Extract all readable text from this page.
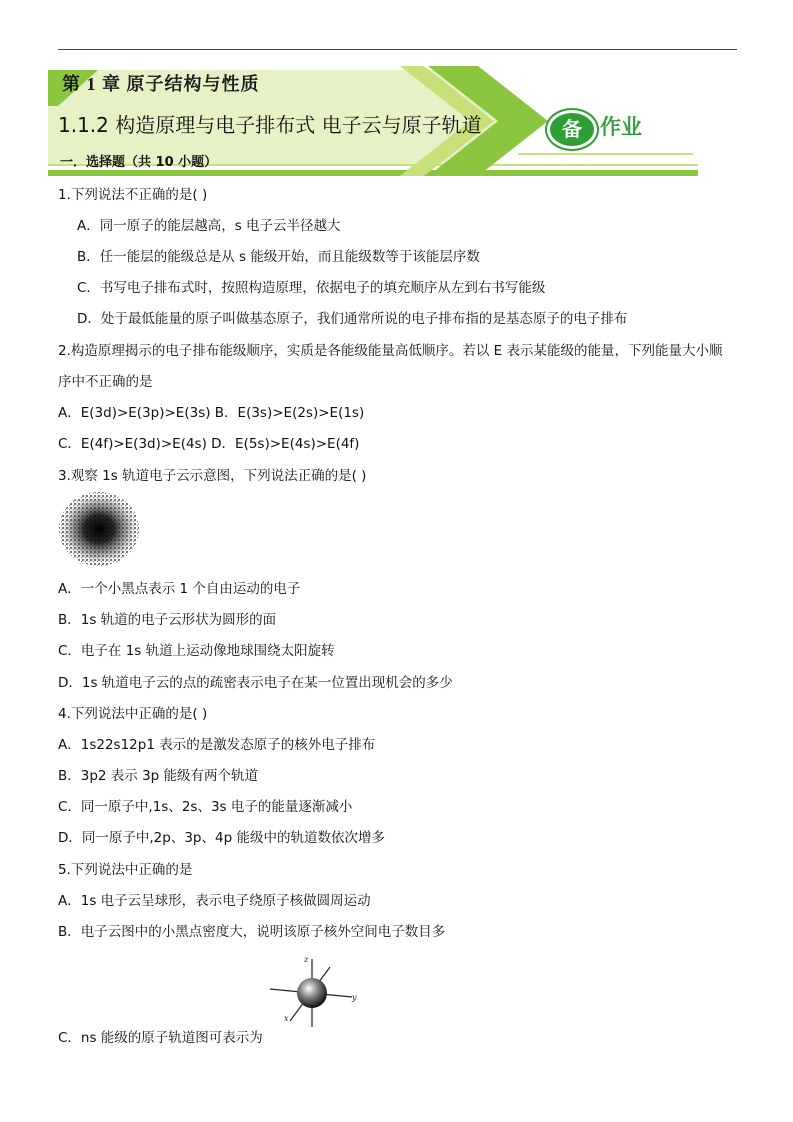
第 1 章 原子结构与性质
1.1.2 构造原理与电子排布式 电子云与原子轨道	备 作业
一．选择题（共 10 小题）
1.下列说法不正确的是( )
A．同一原子的能层越高，s 电子云半径越大
B．任一能层的能级总是从 s 能级开始，而且能级数等于该能层序数
C．书写电子排布式时，按照构造原理，依据电子的填充顺序从左到右书写能级
D．处于最低能量的原子叫做基态原子，我们通常所说的电子排布指的是基态原子的电子排布
2.构造原理揭示的电子排布能级顺序，实质是各能级能量高低顺序。若以 E 表示某能级的能量，下列能量大小顺
序中不正确的是
A．E(3d)>E(3p)>E(3s) B．E(3s)>E(2s)>E(1s)
C．E(4f)>E(3d)>E(4s) D．E(5s)>E(4s)>E(4f)
3.观察 1s 轨道电子云示意图，下列说法正确的是( )
A．一个小黑点表示 1 个自由运动的电子
B．1s 轨道的电子云形状为圆形的面
C．电子在 1s 轨道上运动像地球围绕太阳旋转
D．1s 轨道电子云的点的疏密表示电子在某一位置出现机会的多少
4.下列说法中正确的是( )
A．1s22s12p1 表示的是激发态原子的核外电子排布
B．3p2 表示 3p 能级有两个轨道
C．同一原子中,1s、2s、3s 电子的能量逐渐减小
D．同一原子中,2p、3p、4p 能级中的轨道数依次增多
5.下列说法中正确的是
A．1s 电子云呈球形，表示电子绕原子核做圆周运动
B．电子云图中的小黑点密度大，说明该原子核外空间电子数目多
C．ns 能级的原子轨道图可表示为
z
y
x
